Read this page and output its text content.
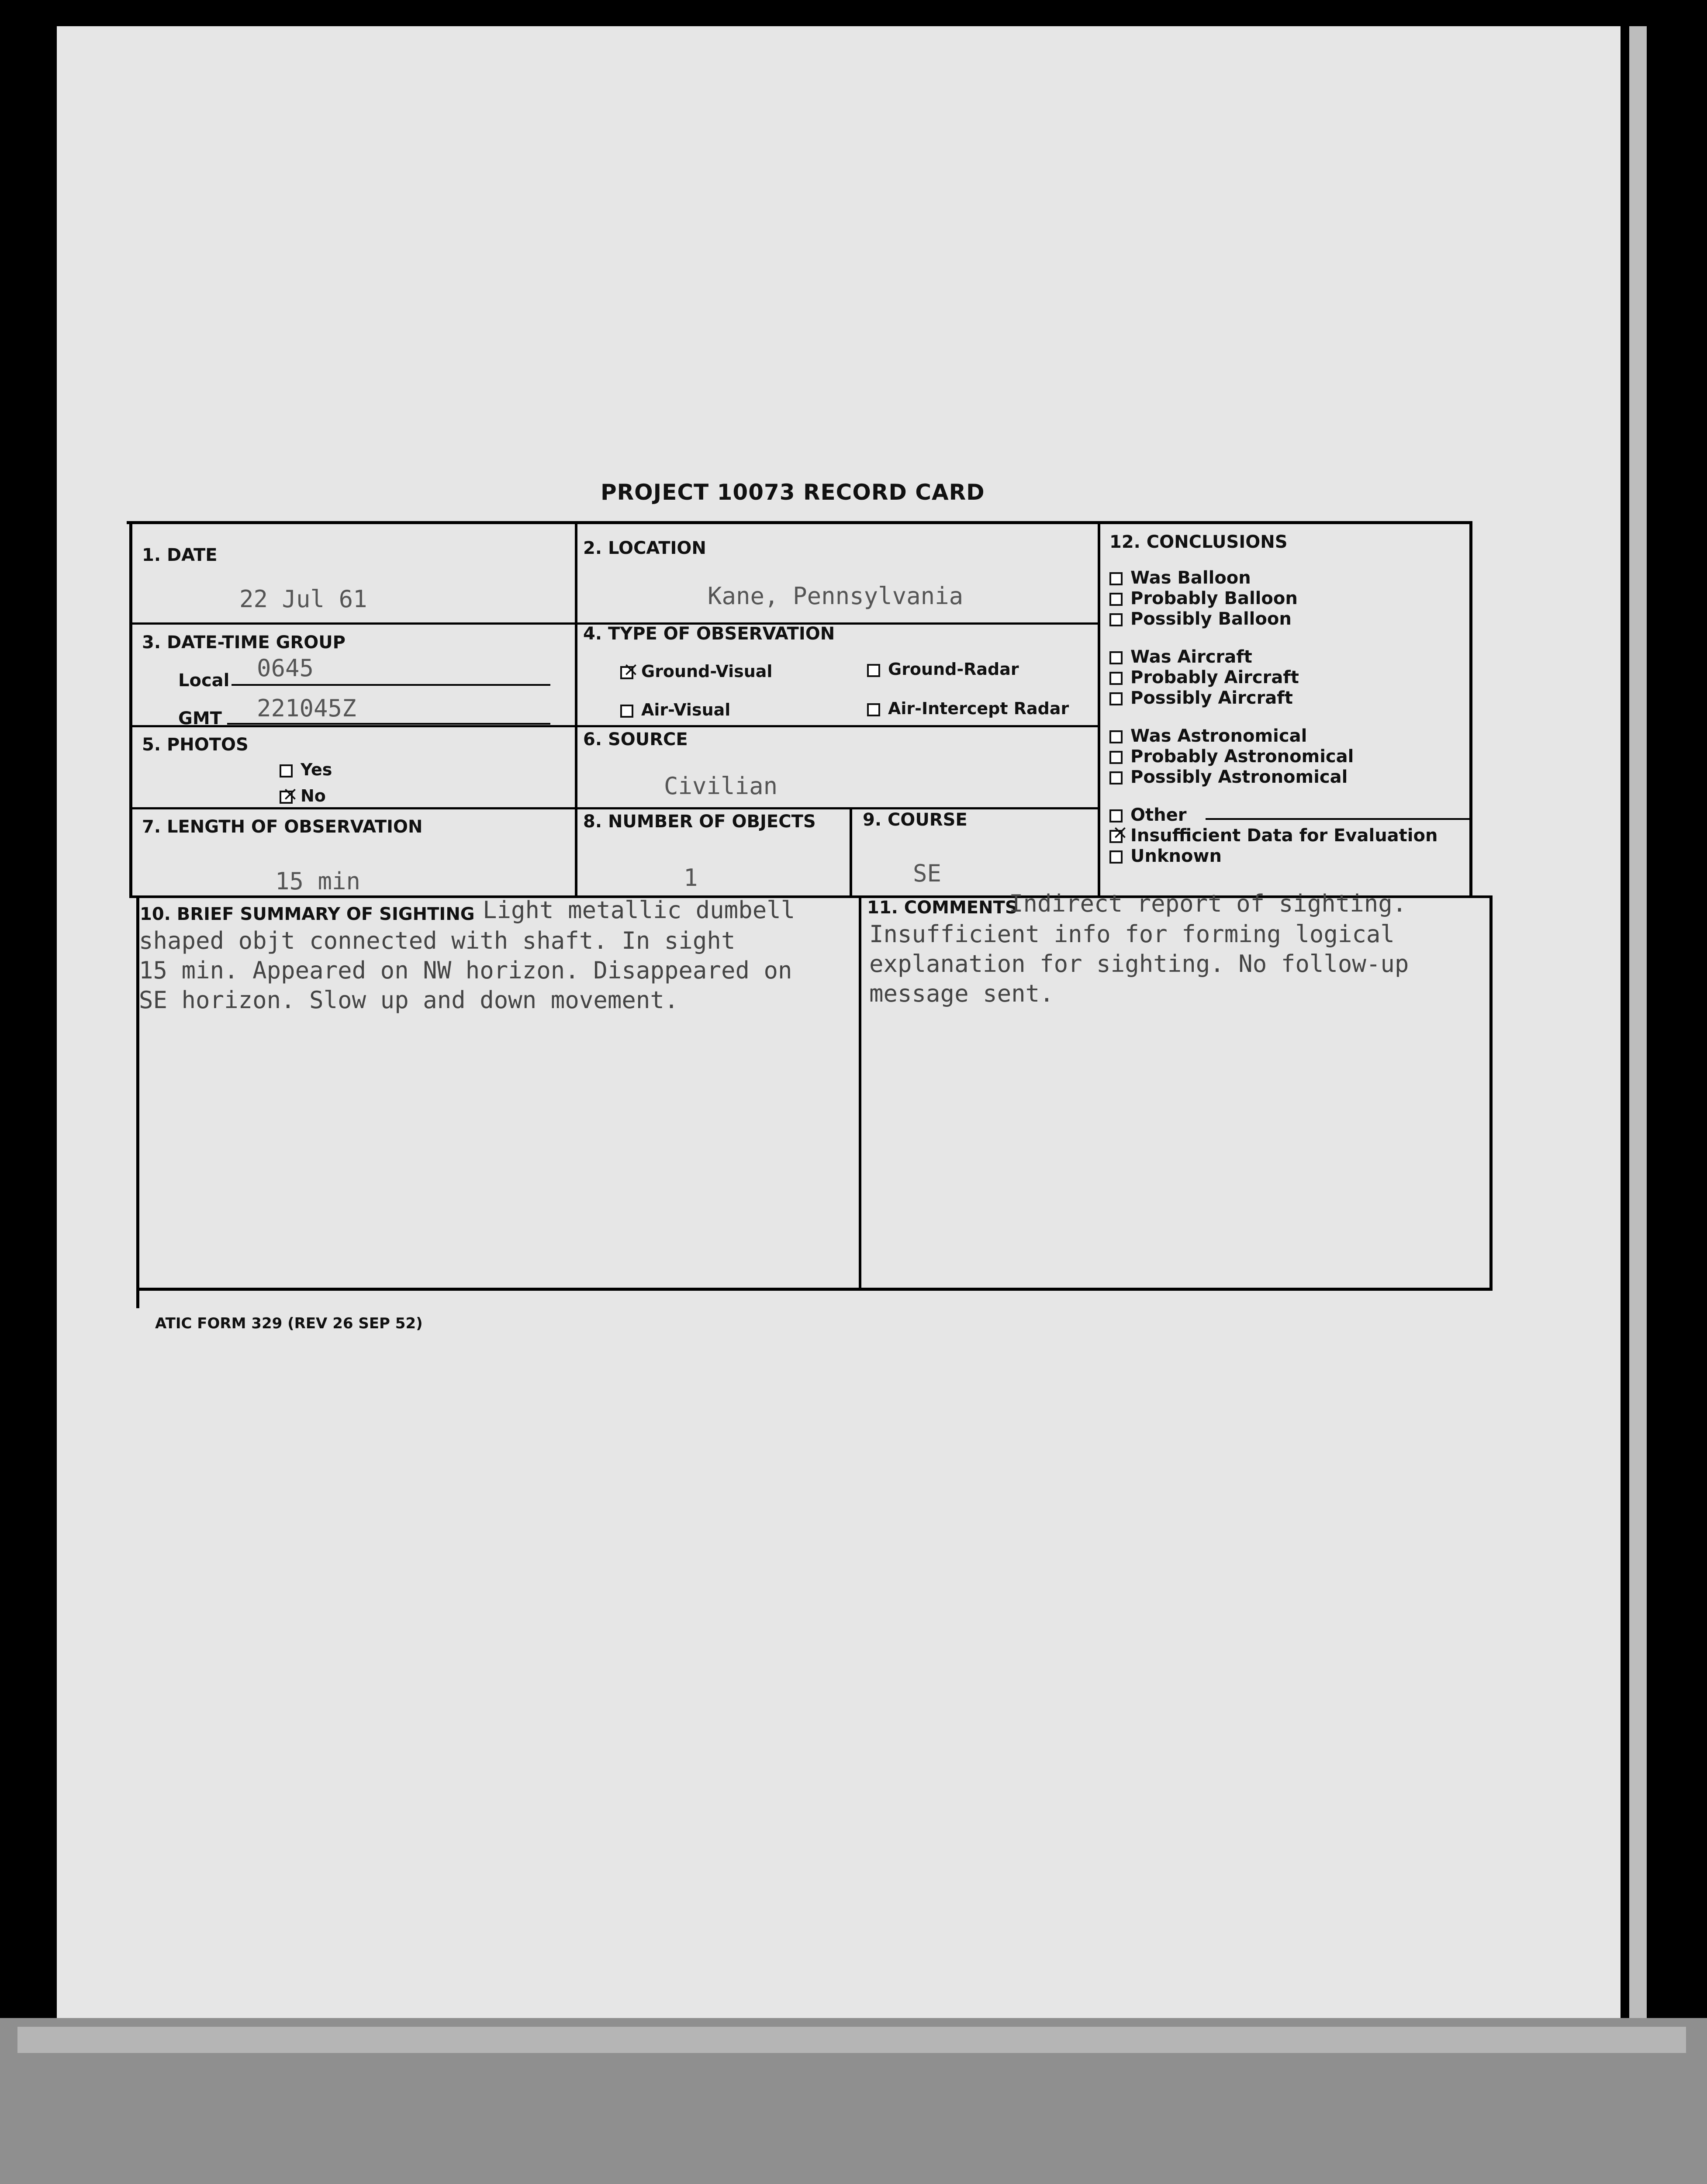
PROJECT 10073 RECORD CARD
1. DATE
22 Jul 61
2. LOCATION
Kane, Pennsylvania
3. DATE-TIME GROUP
Local 0645
GMT 221045Z
4. TYPE OF OBSERVATION
×Ground-Visual	Ground-Radar
Air-Visual	Air-Intercept Radar
5. PHOTOS
Yes
×No
6. SOURCE
Civilian
7. LENGTH OF OBSERVATION
15 min
8. NUMBER OF OBJECTS
1
9. COURSE
SE
12. CONCLUSIONS
Was Balloon
Probably Balloon
Possibly Balloon
Was Aircraft
Probably Aircraft
Possibly Aircraft
Was Astronomical
Probably Astronomical
Possibly Astronomical
Other
×Insufficient Data for Evaluation
Unknown
10. BRIEF SUMMARY OF SIGHTING Light metallic dumbell
shaped objt connected with shaft. In sight
15 min. Appeared on NW horizon. Disappeared on
SE horizon. Slow up and down movement.
11. COMMENTS
Indirect report of sighting.
Insufficient info for forming logical
explanation for sighting. No follow-up
message sent.
ATIC FORM 329 (REV 26 SEP 52)
